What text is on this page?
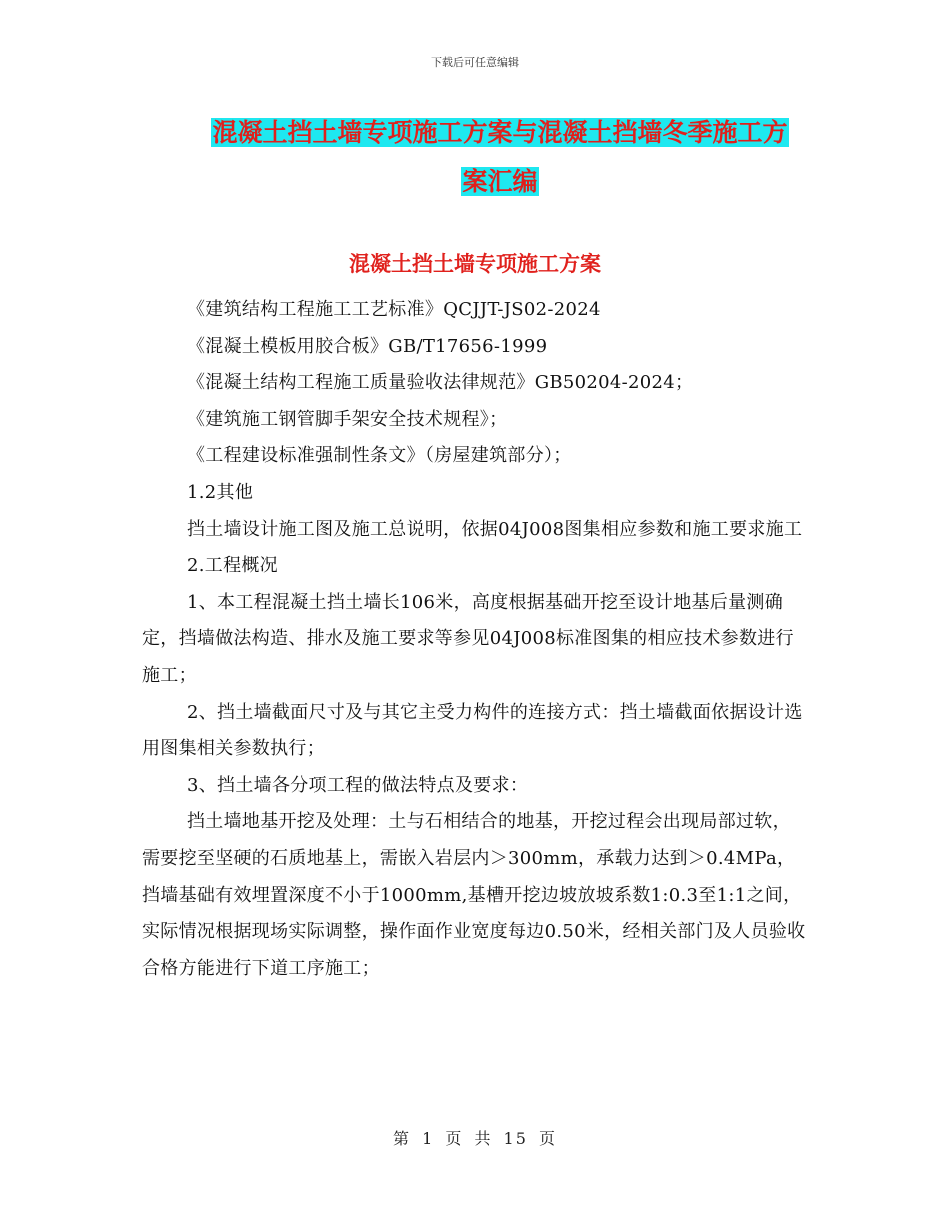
下载后可任意编辑
混凝土挡土墙专项施工方案与混凝土挡墙冬季施工方
案汇编
混凝土挡土墙专项施工方案

《建筑结构工程施工工艺标准》QCJJT-JS02-2024

《混凝土模板用胶合板》GB/T17656-1999

《混凝土结构工程施工质量验收法律规范》GB50204-2024；

《建筑施工钢管脚手架安全技术规程》；

《工程建设标准强制性条文》（房屋建筑部分）；

1.2其他

挡土墙设计施工图及施工总说明，依据04J008图集相应参数和施工要求施工

2.工程概况

1、本工程混凝土挡土墙长106米，高度根据基础开挖至设计地基后量测确定，挡墙做法构造、排水及施工要求等参见04J008标准图集的相应技术参数进行施工；

2、挡土墙截面尺寸及与其它主受力构件的连接方式：挡土墙截面依据设计选用图集相关参数执行；

3、挡土墙各分项工程的做法特点及要求：

挡土墙地基开挖及处理：土与石相结合的地基，开挖过程会出现局部过软，需要挖至坚硬的石质地基上，需嵌入岩层内＞300mm，承载力达到＞0.4MPa，挡墙基础有效埋置深度不小于1000mm,基槽开挖边坡放坡系数1:0.3至1:1之间，实际情况根据现场实际调整，操作面作业宽度每边0.50米，经相关部门及人员验收合格方能进行下道工序施工；

第 1 页 共 15 页
